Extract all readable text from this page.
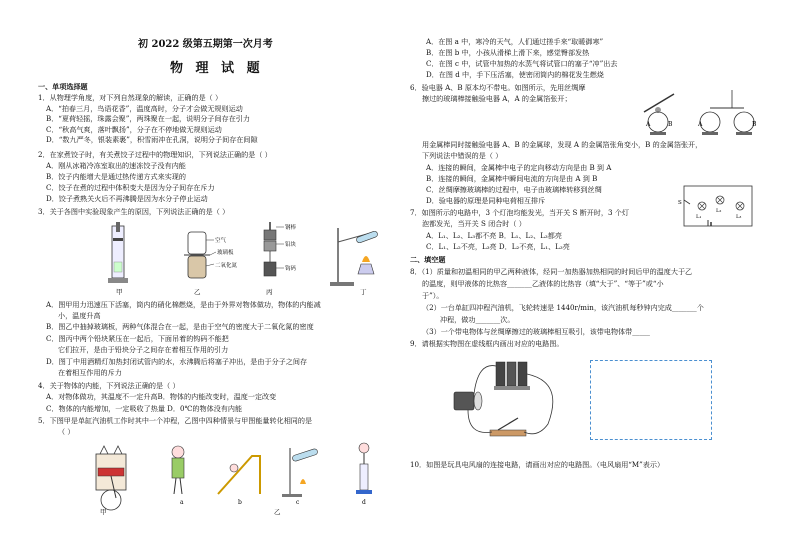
初 2022 级第五期第一次月考
物 理 试 题
一、单项选择题
1．从物理学角度，对下列自然现象的解读，正确的是（ ）
A．“拍春三月，鸟语花香”，温度高时，分子才会做无规则运动
B．“夏荷轻摇，珠露会聚”，两珠聚在一起，说明分子间存在引力
C．“秋高气爽，落叶飘扬”，分子在不停地做无规则运动
D．“数九严冬，银装素裹”，积雪雨冲在孔洞，说明分子间存在间隙
2．在家煮饺子时，有关煮饺子过程中的物理知识，下列说法正确的是（ ）
A．刚从冰箱冷冻室取出的速冻饺子没有内能
B．饺子内能增大是通过热传递方式来实现的
C．饺子在煮的过程中体积变大是因为分子间存在斥力
D．饺子煮熟关火后不再沸腾是因为水分子停止运动
3．关于各图中实验现象产生的原因，下列说法正确的是（ ）
空气
玻璃板
二氧化氮
钢棒
铅块
钩码
甲	乙	丙	丁
A．图甲用力迅速压下活塞，筒内的硝化棉燃烧，是由于外界对物体做功，物体的内能减
小，温度升高
B．图乙中抽掉玻璃板，两种气体混合在一起，是由于空气的密度大于二氧化氮的密度
C．图丙中两个铅块紧压在一起后，下面吊着的钩码不能把
它们拉开，是由于铅块分子之间存在着相互作用的引力
D．图丁中用酒精灯加热封闭试管内的水，水沸腾后将塞子冲出，是由于分子之间存
在着相互作用的斥力
4．关于物体的内能，下列说法正确的是（ ）
A．对物体做功，其温度不一定升高B．物体的内能改变时，温度一定改变
C．物体的内能增加，一定吸收了热量 D．0℃的物体没有内能
5．下图甲是单缸汽油机工作时其中一个冲程，乙图中四种情景与甲图能量转化相同的是
（ ）
a	b	c	d
甲	乙
A．在图 a 中，寒冷的天气，人们通过搓手来“取暖御寒”
B．在图 b 中，小孩从滑梯上滑下来，感觉臀部发热
C．在图 c 中，试管中加热的水蒸气将试管口的塞子“冲”出去
D．在图 d 中，手下压活塞，使密闭筒内的棉花发生燃烧
6．验电器 A、B 原本均不带电。如图所示，先用丝绸摩
擦过的玻璃棒接触验电器 A，A 的金属箔张开；
A	B	A	B
用金属棒同时接触验电器 A、B 的金属球，发现 A 的金属箔张角变小，B 的金属箔张开，
下列说法中错误的是（ ）
A．连接的瞬间，金属棒中电子的定向移动方向是由 B 到 A
B．连接的瞬间，金属棒中瞬间电流的方向是由 A 到 B
C．丝绸摩擦玻璃棒的过程中，电子由玻璃棒转移到丝绸
D．验电器的原理是同种电荷相互排斥	S
L₁
L₂
L₃
7．如图所示的电路中，3 个灯泡均能发光，当开关 S 断开时，3 个灯
泡都发光，当开关 S 闭合时（ ）
A．L₁、L₂、L₃都不亮 B．L₁、L₂、L₃都亮
C．L₁、L₂不亮，L₃亮 D．L₂不亮，L₁、L₃亮
二、填空题
8．（1）质量和初温相同的甲乙两种液体，经同一加热器加热相同的时间后甲的温度大于乙
的温度，则甲液体的比热容_______乙液体的比热容（填“大于”、“等于”或“小
于”）。
（2）一台单缸四冲程汽油机，飞轮转速是 1440r/min，该汽油机每秒钟内完成_______个
冲程，做功_______次。
（3）一个带电物体与丝绸摩擦过的玻璃棒相互吸引，该带电物体带_____
9．请根据实物图在虚线框内画出对应的电路图。
10．如图是玩具电风扇的连接电路，请画出对应的电路图。（电风扇用“M”表示）
